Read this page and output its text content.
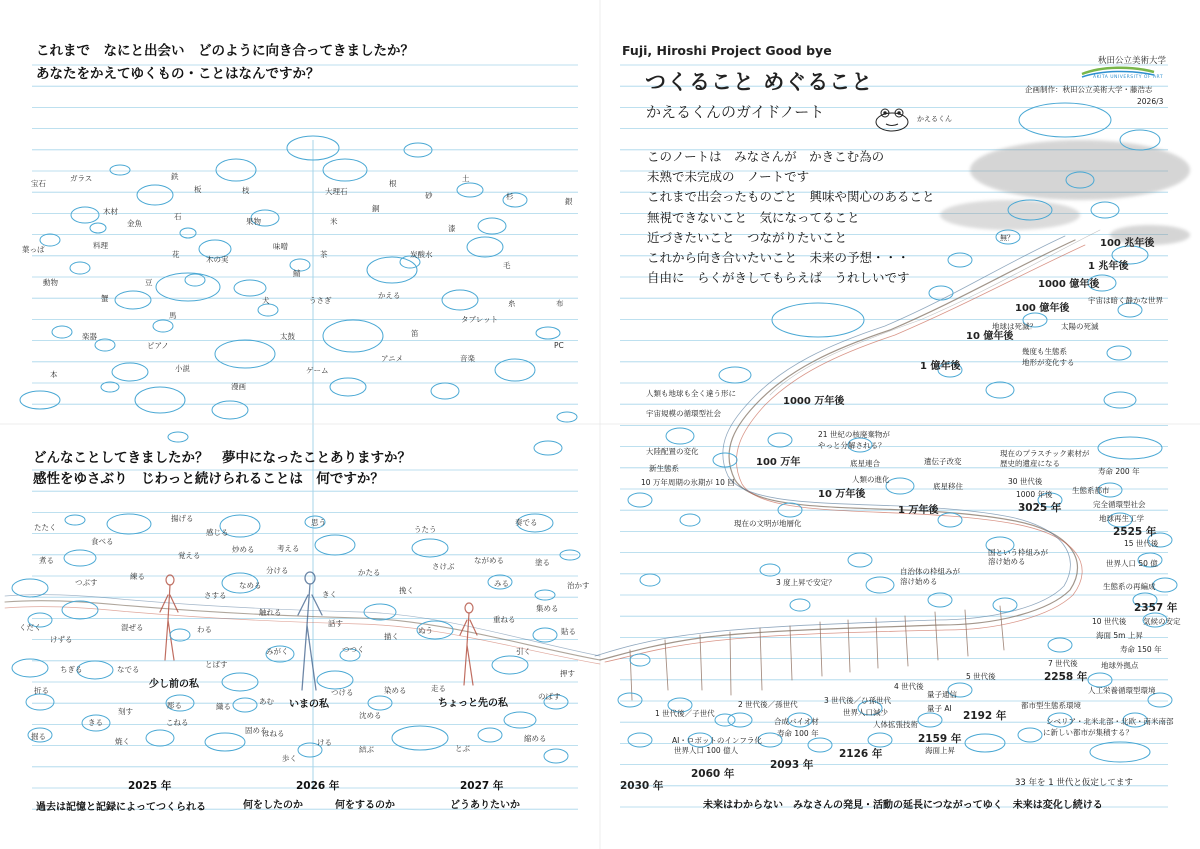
これまで　なにと出会い　どのように向き合ってきましたか？
あなたをかえてゆくもの・ことはなんですか？
どんなことしてきましたか？　夢中になったことありますか？
感性をゆさぶり　じわっと続けられることは　何ですか？
宝石
ガラス	鉄	土
板	枝	大理石
根
砂	杉
銀
木材
石
金魚	果物	米
銅
漆
葉っぱ	料理
花
木の実
味噌
茶	炭酸水
毛
動物	豆
鯖
蟹	犬	うさぎ
かえる
糸	布
馬	タブレット
楽器	太鼓	笛
ピアノ	PC
本
小説	ゲーム
アニメ	音楽
漫画
たたく
揚げる
感じる
思う
うたう
奏でる
食べる
覚える
炒める	考える
煮る	ながめる	塗る
つぶす
練る
分ける	かたる
さけぶ
なめる	みる	治かす
さする
挽く
くだく	混ぜる	わる
触れる
きく
重ねる
集める
けずる
話す
描く
ぬう	貼る
引く
ちぎる	なでる
とばす
みがく	つつく
押す
折る
彫る	あむ
つける	染める	走る
のばす
刻す
織る
沈める
きる	こねる
固める
はねる
縮める
掘る
焼く	ける
とぶ
歩く
結ぶ
少し前の私
いまの私	ちょっと先の私
2025 年	2026 年	2027 年
過去は記憶と記録によってつくられる	何をしたのか	何をするのか	どうありたいか
Fuji, Hiroshi Project Good bye
つくること めぐること
かえるくんのガイドノート	かえるくん
秋田公立美術大学
AKITA UNIVERSITY OF ART
企画制作：秋田公立美術大学・藤浩志
2026/3
このノートは　みなさんが　かきこむ為の
未熟で未完成の　ノートです
これまで出会ったものごと　興味や関心のあること
無視できないこと　気になってること
近づきたいこと　つながりたいこと
これから向き合いたいこと　未来の予想・・・
自由に　らくがきしてもらえば　うれしいです
無？	100 兆年後
1 兆年後
1000 億年後
100 億年後
宇宙は暗く静かな世界
地球は死滅？	太陽の死滅
10 億年後
幾度も生態系
地形が変化する
1 億年後
人類も地球も全く違う形に
1000 万年後
宇宙規模の循環型社会
大陸配置の変化
100 万年
新生態系
10 万年周期の氷期が 10 回
21 世紀の核廃棄物が
やっと分解される？
底星連合	遺伝子改変
人類の進化
10 万年後
底星移住
1 万年後
現在のプラスチック素材が
歴史的遺産になる
30 世代後
1000 年後
3025 年
寿命 200 年
生態系都市
完全循環型社会
地球再生工学
2525 年
15 世代後
世界人口 50 億
現在の文明が地層化
国という枠組みが
溶け始める
自治体の枠組みが
溶け始める
3 度上昇で安定？	生態系の再編成
2357 年
10 世代後 気候の安定
海面 5m 上昇
寿命 150 年
7 世代後
2258 年
地球外拠点
人工栄養循環型環境
5 世代後
4 世代後
量子通信
量子 AI
2192 年
都市型生態系環境
シベリア・北米北部・北欧・南米南部
に新しい都市が集積する？
3 世代後／ひ孫世代
世界人口減少
人体拡張技術
2159 年
海面上昇
2126 年
2 世代後／孫世代
合成バイオ材
寿命 100 年
2093 年
1 世代後／子世代
AI・ロボットのインフラ化
世界人口 100 億人
2060 年
2030 年	33 年を 1 世代と仮定してます
未来はわからない　みなさんの発見・活動の延長につながってゆく　未来は変化し続ける
